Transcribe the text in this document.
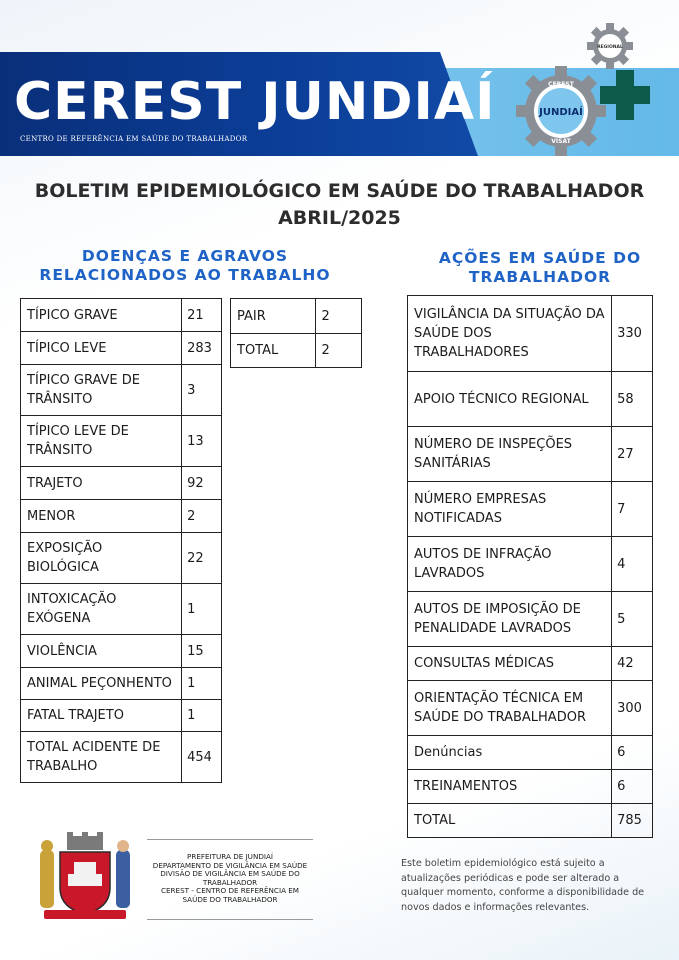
CEREST JUNDIAÍ
CENTRO DE REFERÊNCIA EM SAÚDE DO TRABALHADOR
REGIONAL
CEREST
JUNDIAÍ
VISAT
BOLETIM EPIDEMIOLÓGICO EM SAÚDE DO TRABALHADOR
ABRIL/2025
DOENÇAS E AGRAVOS
RELACIONADOS AO TRABALHO
TÍPICO GRAVE	21
TÍPICO LEVE	283
TÍPICO GRAVE DE TRÂNSITO	3
TÍPICO LEVE DE TRÂNSITO	13
TRAJETO	92
MENOR	2
EXPOSIÇÃO BIOLÓGICA	22
INTOXICAÇÃO EXÓGENA	1
VIOLÊNCIA	15
ANIMAL PEÇONHENTO	1
FATAL TRAJETO	1
TOTAL ACIDENTE DE TRABALHO	454
PAIR	2
TOTAL	2
AÇÕES EM SAÚDE DO
TRABALHADOR
VIGILÂNCIA DA SITUAÇÃO DA SAÚDE DOS TRABALHADORES	330
APOIO TÉCNICO REGIONAL	58
NÚMERO DE INSPEÇÕES SANITÁRIAS	27
NÚMERO EMPRESAS NOTIFICADAS	7
AUTOS DE INFRAÇÃO LAVRADOS	4
AUTOS DE IMPOSIÇÃO DE PENALIDADE LAVRADOS	5
CONSULTAS MÉDICAS	42
ORIENTAÇÃO TÉCNICA EM SAÚDE DO TRABALHADOR	300
Denúncias	6
TREINAMENTOS	6
TOTAL	785
PREFEITURA DE JUNDIAÍ
DEPARTAMENTO DE VIGILÂNCIA EM SAÚDE
DIVISÃO DE VIGILÂNCIA EM SAÚDE DO
TRABALHADOR
CEREST - CENTRO DE REFERÊNCIA EM
SAÚDE DO TRABALHADOR

Este boletim epidemiológico está sujeito a atualizações periódicas e pode ser alterado a qualquer momento, conforme a disponibilidade de novos dados e informações relevantes.
